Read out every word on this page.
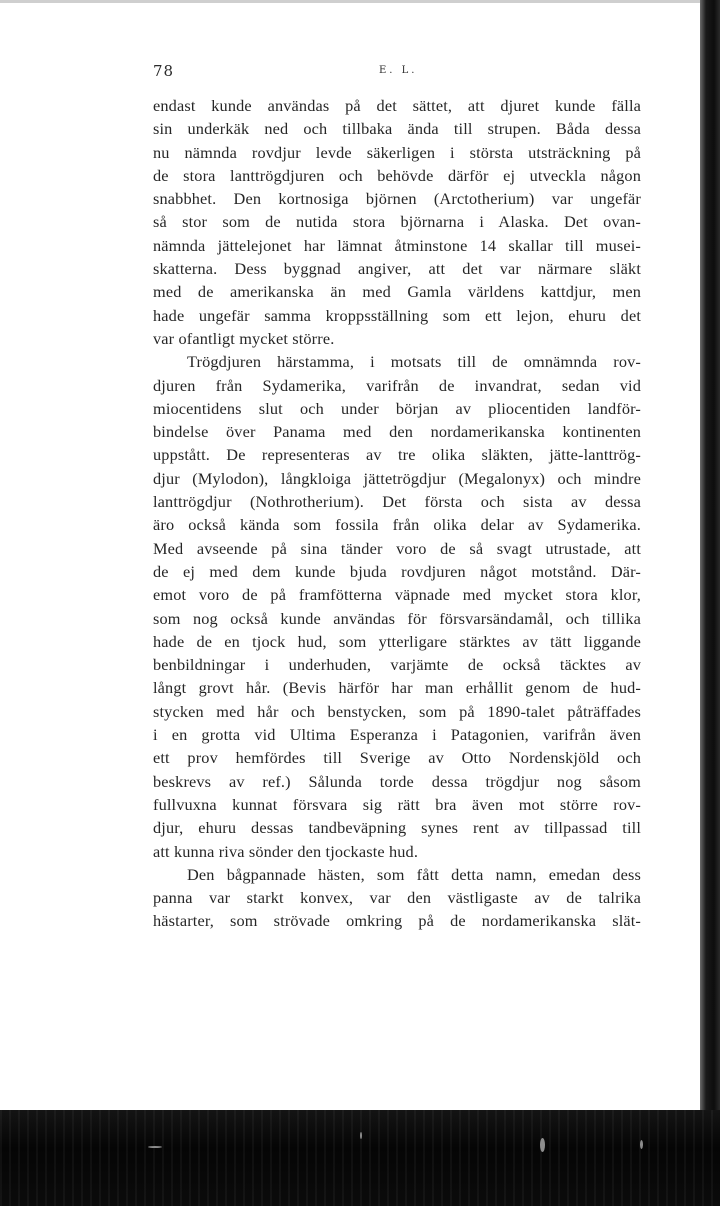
78	E. L.
endast kunde användas på det sättet, att djuret kunde fälla
sin underkäk ned och tillbaka ända till strupen. Båda dessa
nu nämnda rovdjur levde säkerligen i största utsträckning på
de stora lanttrögdjuren och behövde därför ej utveckla någon
snabbhet. Den kortnosiga björnen (Arctotherium) var ungefär
så stor som de nutida stora björnarna i Alaska. Det ovan-
nämnda jättelejonet har lämnat åtminstone 14 skallar till musei-
skatterna. Dess byggnad angiver, att det var närmare släkt
med de amerikanska än med Gamla världens kattdjur, men
hade ungefär samma kroppsställning som ett lejon, ehuru det
var ofantligt mycket större.
Trögdjuren härstamma, i motsats till de omnämnda rov-
djuren från Sydamerika, varifrån de invandrat, sedan vid
miocentidens slut och under början av pliocentiden landför-
bindelse över Panama med den nordamerikanska kontinenten
uppstått. De representeras av tre olika släkten, jätte-lanttrög-
djur (Mylodon), långkloiga jättetrögdjur (Megalonyx) och mindre
lanttrögdjur (Nothrotherium). Det första och sista av dessa
äro också kända som fossila från olika delar av Sydamerika.
Med avseende på sina tänder voro de så svagt utrustade, att
de ej med dem kunde bjuda rovdjuren något motstånd. Där-
emot voro de på framfötterna väpnade med mycket stora klor,
som nog också kunde användas för försvarsändamål, och tillika
hade de en tjock hud, som ytterligare stärktes av tätt liggande
benbildningar i underhuden, varjämte de också täcktes av
långt grovt hår. (Bevis härför har man erhållit genom de hud-
stycken med hår och benstycken, som på 1890-talet påträffades
i en grotta vid Ultima Esperanza i Patagonien, varifrån även
ett prov hemfördes till Sverige av Otto Nordenskjöld och
beskrevs av ref.) Sålunda torde dessa trögdjur nog såsom
fullvuxna kunnat försvara sig rätt bra även mot större rov-
djur, ehuru dessas tandbeväpning synes rent av tillpassad till
att kunna riva sönder den tjockaste hud.
Den bågpannade hästen, som fått detta namn, emedan dess
panna var starkt konvex, var den västligaste av de talrika
hästarter, som strövade omkring på de nordamerikanska slät-
